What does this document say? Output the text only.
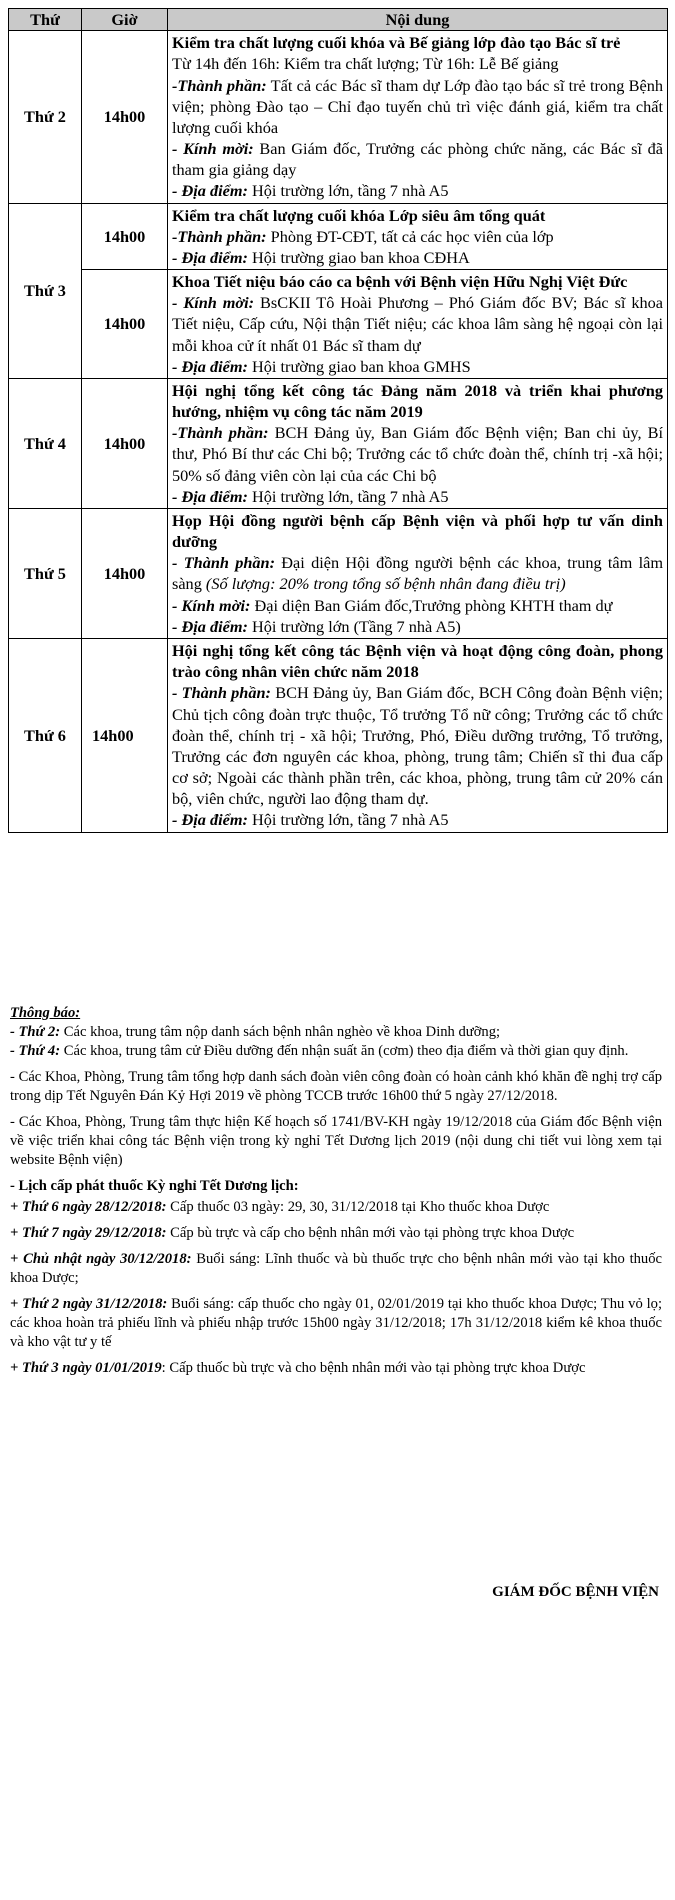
Thứ	Giờ	Nội dung
Thứ 2	14h00	Kiểm tra chất lượng cuối khóa và Bế giảng lớp đào tạo Bác sĩ trẻ
Từ 14h đến 16h: Kiểm tra chất lượng; Từ 16h: Lễ Bế giảng
-Thành phần: Tất cả các Bác sĩ tham dự Lớp đào tạo bác sĩ trẻ trong Bệnh viện; phòng Đào tạo – Chỉ đạo tuyến chủ trì việc đánh giá, kiểm tra chất lượng cuối khóa
- Kính mời: Ban Giám đốc, Trưởng các phòng chức năng, các Bác sĩ đã tham gia giảng dạy
- Địa điểm: Hội trường lớn, tầng 7 nhà A5

Thứ 3	14h00	Kiểm tra chất lượng cuối khóa Lớp siêu âm tổng quát
-Thành phần: Phòng ĐT-CĐT, tất cả các học viên của lớp
- Địa điểm: Hội trường giao ban khoa CĐHA

	14h00	Khoa Tiết niệu báo cáo ca bệnh với Bệnh viện Hữu Nghị Việt Đức
- Kính mời: BsCKII Tô Hoài Phương – Phó Giám đốc BV; Bác sĩ khoa Tiết niệu, Cấp cứu, Nội thận Tiết niệu; các khoa lâm sàng hệ ngoại còn lại mỗi khoa cử ít nhất 01 Bác sĩ tham dự
- Địa điểm: Hội trường giao ban khoa GMHS

Thứ 4	14h00	Hội nghị tổng kết công tác Đảng năm 2018 và triển khai phương hướng, nhiệm vụ công tác năm 2019
-Thành phần: BCH Đảng ủy, Ban Giám đốc Bệnh viện; Ban chi ủy, Bí thư, Phó Bí thư các Chi bộ; Trưởng các tổ chức đoàn thể, chính trị -xã hội; 50% số đảng viên còn lại của các Chi bộ
- Địa điểm: Hội trường lớn, tầng 7 nhà A5

Thứ 5	14h00	Họp Hội đồng người bệnh cấp Bệnh viện và phối hợp tư vấn dinh dưỡng
- Thành phần: Đại diện Hội đồng người bệnh các khoa, trung tâm lâm sàng (Số lượng: 20% trong tổng số bệnh nhân đang điều trị)
- Kính mời: Đại diện Ban Giám đốc,Trưởng phòng KHTH tham dự
- Địa điểm: Hội trường lớn (Tầng 7 nhà A5)

Thứ 6	14h00	Hội nghị tổng kết công tác Bệnh viện và hoạt động công đoàn, phong trào công nhân viên chức năm 2018
- Thành phần: BCH Đảng ủy, Ban Giám đốc, BCH Công đoàn Bệnh viện; Chủ tịch công đoàn trực thuộc, Tổ trưởng Tổ nữ công; Trưởng các tổ chức đoàn thể, chính trị - xã hội; Trưởng, Phó, Điều dưỡng trưởng, Tổ trưởng, Trưởng các đơn nguyên các khoa, phòng, trung tâm; Chiến sĩ thi đua cấp cơ sở; Ngoài các thành phần trên, các khoa, phòng, trung tâm cử 20% cán bộ, viên chức, người lao động tham dự.
- Địa điểm: Hội trường lớn, tầng 7 nhà A5

Thông báo:

- Thứ 2: Các khoa, trung tâm nộp danh sách bệnh nhân nghèo về khoa Dinh dưỡng;

- Thứ 4: Các khoa, trung tâm cử Điều dưỡng đến nhận suất ăn (cơm) theo địa điểm và thời gian quy định.

- Các Khoa, Phòng, Trung tâm tổng hợp danh sách đoàn viên công đoàn có hoàn cảnh khó khăn đề nghị trợ cấp trong dịp Tết Nguyên Đán Kỷ Hợi 2019 về phòng TCCB trước 16h00 thứ 5 ngày 27/12/2018.

- Các Khoa, Phòng, Trung tâm thực hiện Kế hoạch số 1741/BV-KH ngày 19/12/2018 của Giám đốc Bệnh viện về việc triển khai công tác Bệnh viện trong kỳ nghỉ Tết Dương lịch 2019 (nội dung chi tiết vui lòng xem tại website Bệnh viện)

- Lịch cấp phát thuốc Kỳ nghỉ Tết Dương lịch:

+ Thứ 6 ngày 28/12/2018: Cấp thuốc 03 ngày: 29, 30, 31/12/2018 tại Kho thuốc khoa Dược

+ Thứ 7 ngày 29/12/2018: Cấp bù trực và cấp cho bệnh nhân mới vào tại phòng trực khoa Dược

+ Chủ nhật ngày 30/12/2018: Buổi sáng: Lĩnh thuốc và bù thuốc trực cho bệnh nhân mới vào tại kho thuốc khoa Dược;

+ Thứ 2 ngày 31/12/2018: Buổi sáng: cấp thuốc cho ngày 01, 02/01/2019 tại kho thuốc khoa Dược; Thu vỏ lọ; các khoa hoàn trả phiếu lĩnh và phiếu nhập trước 15h00 ngày 31/12/2018; 17h 31/12/2018 kiểm kê khoa thuốc và kho vật tư y tế

+ Thứ 3 ngày 01/01/2019: Cấp thuốc bù trực và cho bệnh nhân mới vào tại phòng trực khoa Dược

GIÁM ĐỐC BỆNH VIỆN
